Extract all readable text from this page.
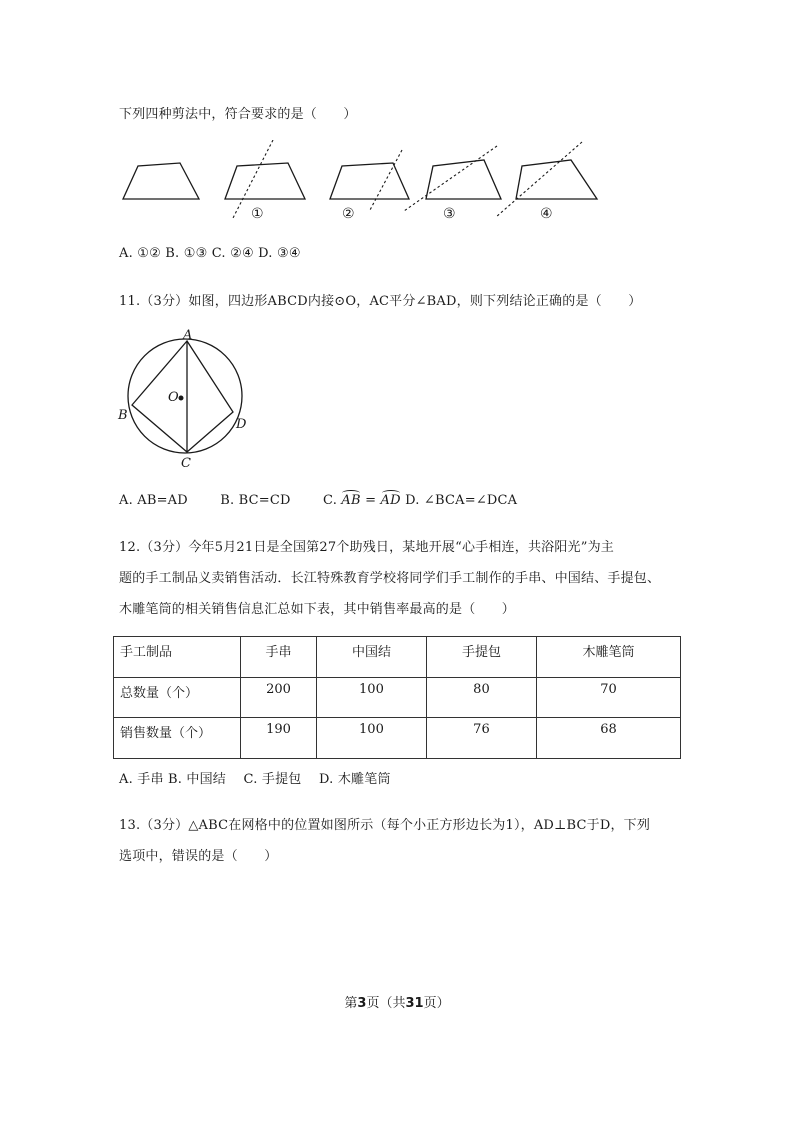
下列四种剪法中，符合要求的是（　　）
①	②	③	④
A. ①② B. ①③ C. ②④ D. ③④
11.（3分）如图，四边形ABCD内接⊙O，AC平分∠BAD，则下列结论正确的是（　　）
A
B
C
D
O
A. AB=AD B. BC=CD C. AB = AD D. ∠BCA=∠DCA
12.（3分）今年5月21日是全国第27个助残日，某地开展“心手相连，共浴阳光”为主
题的手工制品义卖销售活动．长江特殊教育学校将同学们手工制作的手串、中国结、手提包、
木雕笔筒的相关销售信息汇总如下表，其中销售率最高的是（　　）
手工制品	手串	中国结	手提包	木雕笔筒
总数量（个）	200	100	80	70
销售数量（个）	190	100	76	68
A. 手串 B. 中国结　 C. 手提包　 D. 木雕笔筒
13.（3分）△ABC在网格中的位置如图所示（每个小正方形边长为1），AD⊥BC于D，下列
选项中，错误的是（　　）
第3页（共31页）
